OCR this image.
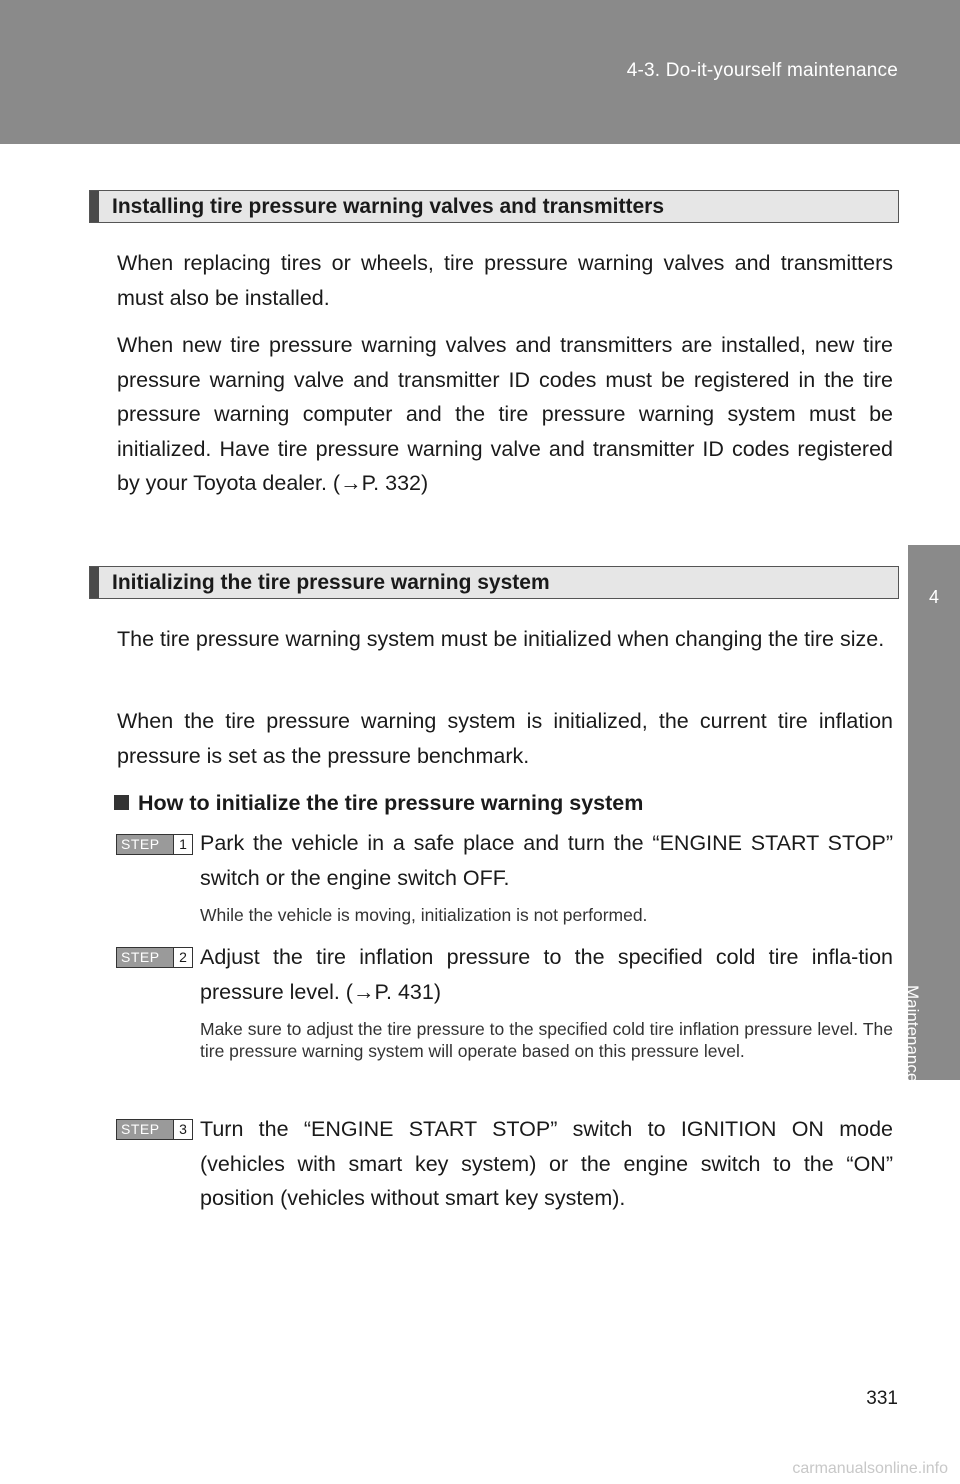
4-3. Do-it-yourself maintenance
4
Maintenance and care
Installing tire pressure warning valves and transmitters

When replacing tires or wheels, tire pressure warning valves and transmitters must also be installed.

When new tire pressure warning valves and transmitters are installed, new tire pressure warning valve and transmitter ID codes must be registered in the tire pressure warning computer and the tire pressure warning system must be initialized. Have tire pressure warning valve and transmitter ID codes registered by your Toyota dealer. (→P. 332)

Initializing the tire pressure warning system

The tire pressure warning system must be initialized when changing the tire size.

When the tire pressure warning system is initialized, the current tire inflation pressure is set as the pressure benchmark.

How to initialize the tire pressure warning system
STEP	1 Park the vehicle in a safe place and turn the “ENGINE START STOP” switch or the engine switch OFF.

While the vehicle is moving, initialization is not performed.

STEP	2 Adjust the tire inflation pressure to the specified cold tire infla-tion pressure level. (→P. 431)

Make sure to adjust the tire pressure to the specified cold tire inflation pressure level. The tire pressure warning system will operate based on this pressure level.

STEP	3 Turn the “ENGINE START STOP” switch to IGNITION ON mode (vehicles with smart key system) or the engine switch to the “ON” position (vehicles without smart key system).

331
carmanualsonline.info
